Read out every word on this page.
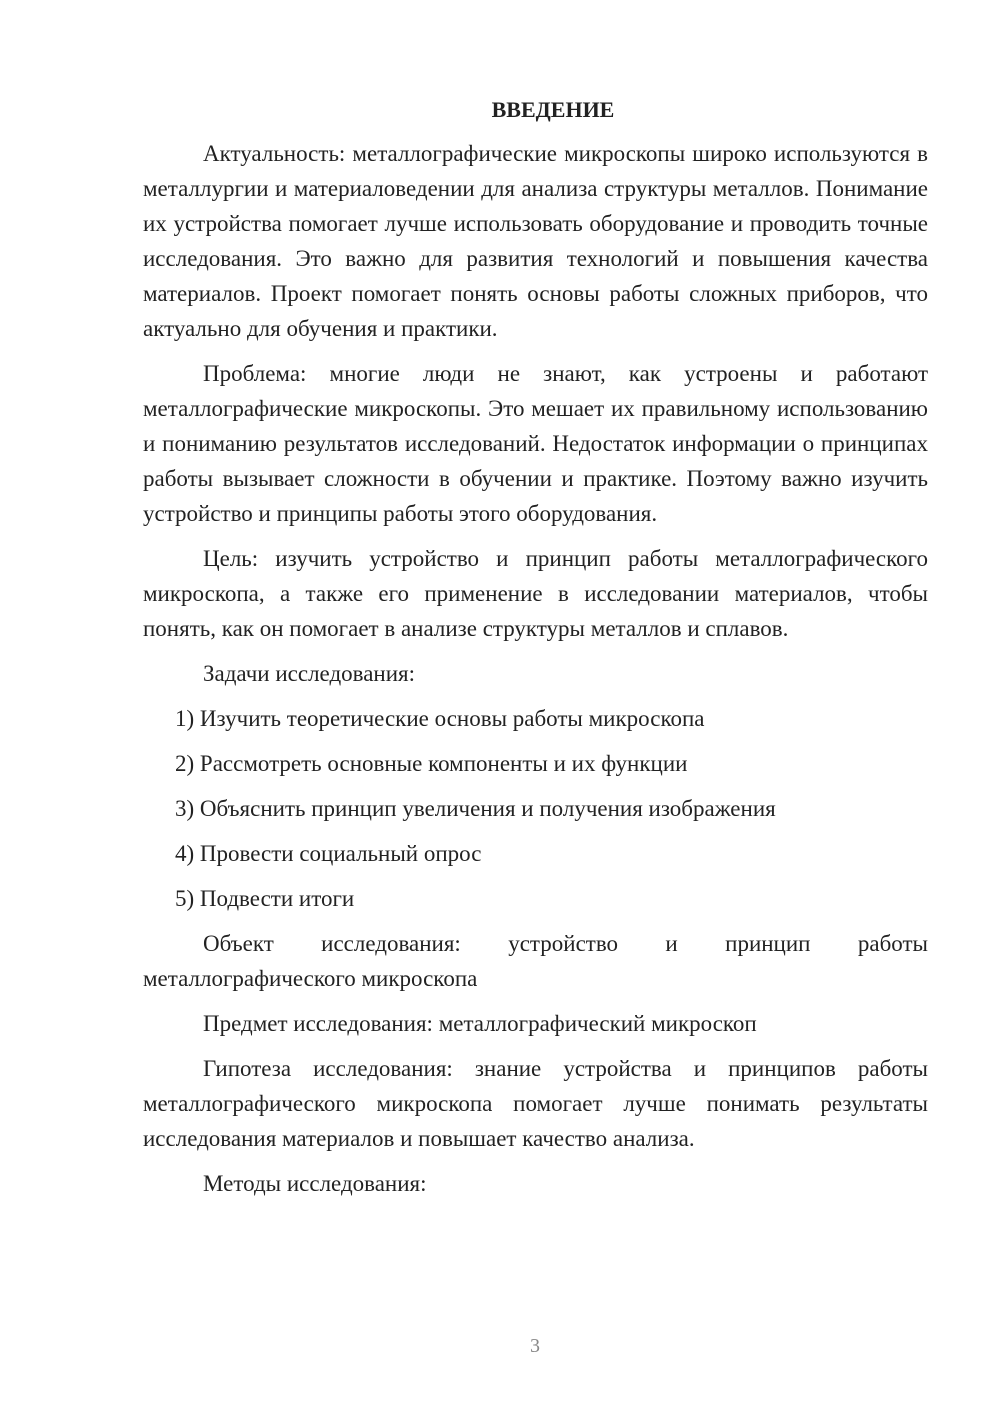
ВВЕДЕНИЕ

Актуальность: металлографические микроскопы широко используются в металлургии и материаловедении для анализа структуры металлов. Понимание их устройства помогает лучше использовать оборудование и проводить точные исследования. Это важно для развития технологий и повышения качества материалов. Проект помогает понять основы работы сложных приборов, что актуально для обучения и практики.

Проблема: многие люди не знают, как устроены и работают металлографические микроскопы. Это мешает их правильному использованию и пониманию результатов исследований. Недостаток информации о принципах работы вызывает сложности в обучении и практике. Поэтому важно изучить устройство и принципы работы этого оборудования.

Цель: изучить устройство и принцип работы металлографического микроскопа, а также его применение в исследовании материалов, чтобы понять, как он помогает в анализе структуры металлов и сплавов.

Задачи исследования:

1) Изучить теоретические основы работы микроскопа
2) Рассмотреть основные компоненты и их функции
3) Объяснить принцип увеличения и получения изображения
4) Провести социальный опрос
5) Подвести итоги

Объект исследования: устройство и принцип работы металлографического микроскопа

Предмет исследования: металлографический микроскоп

Гипотеза исследования: знание устройства и принципов работы металлографического микроскопа помогает лучше понимать результаты исследования материалов и повышает качество анализа.

Методы исследования:

3
